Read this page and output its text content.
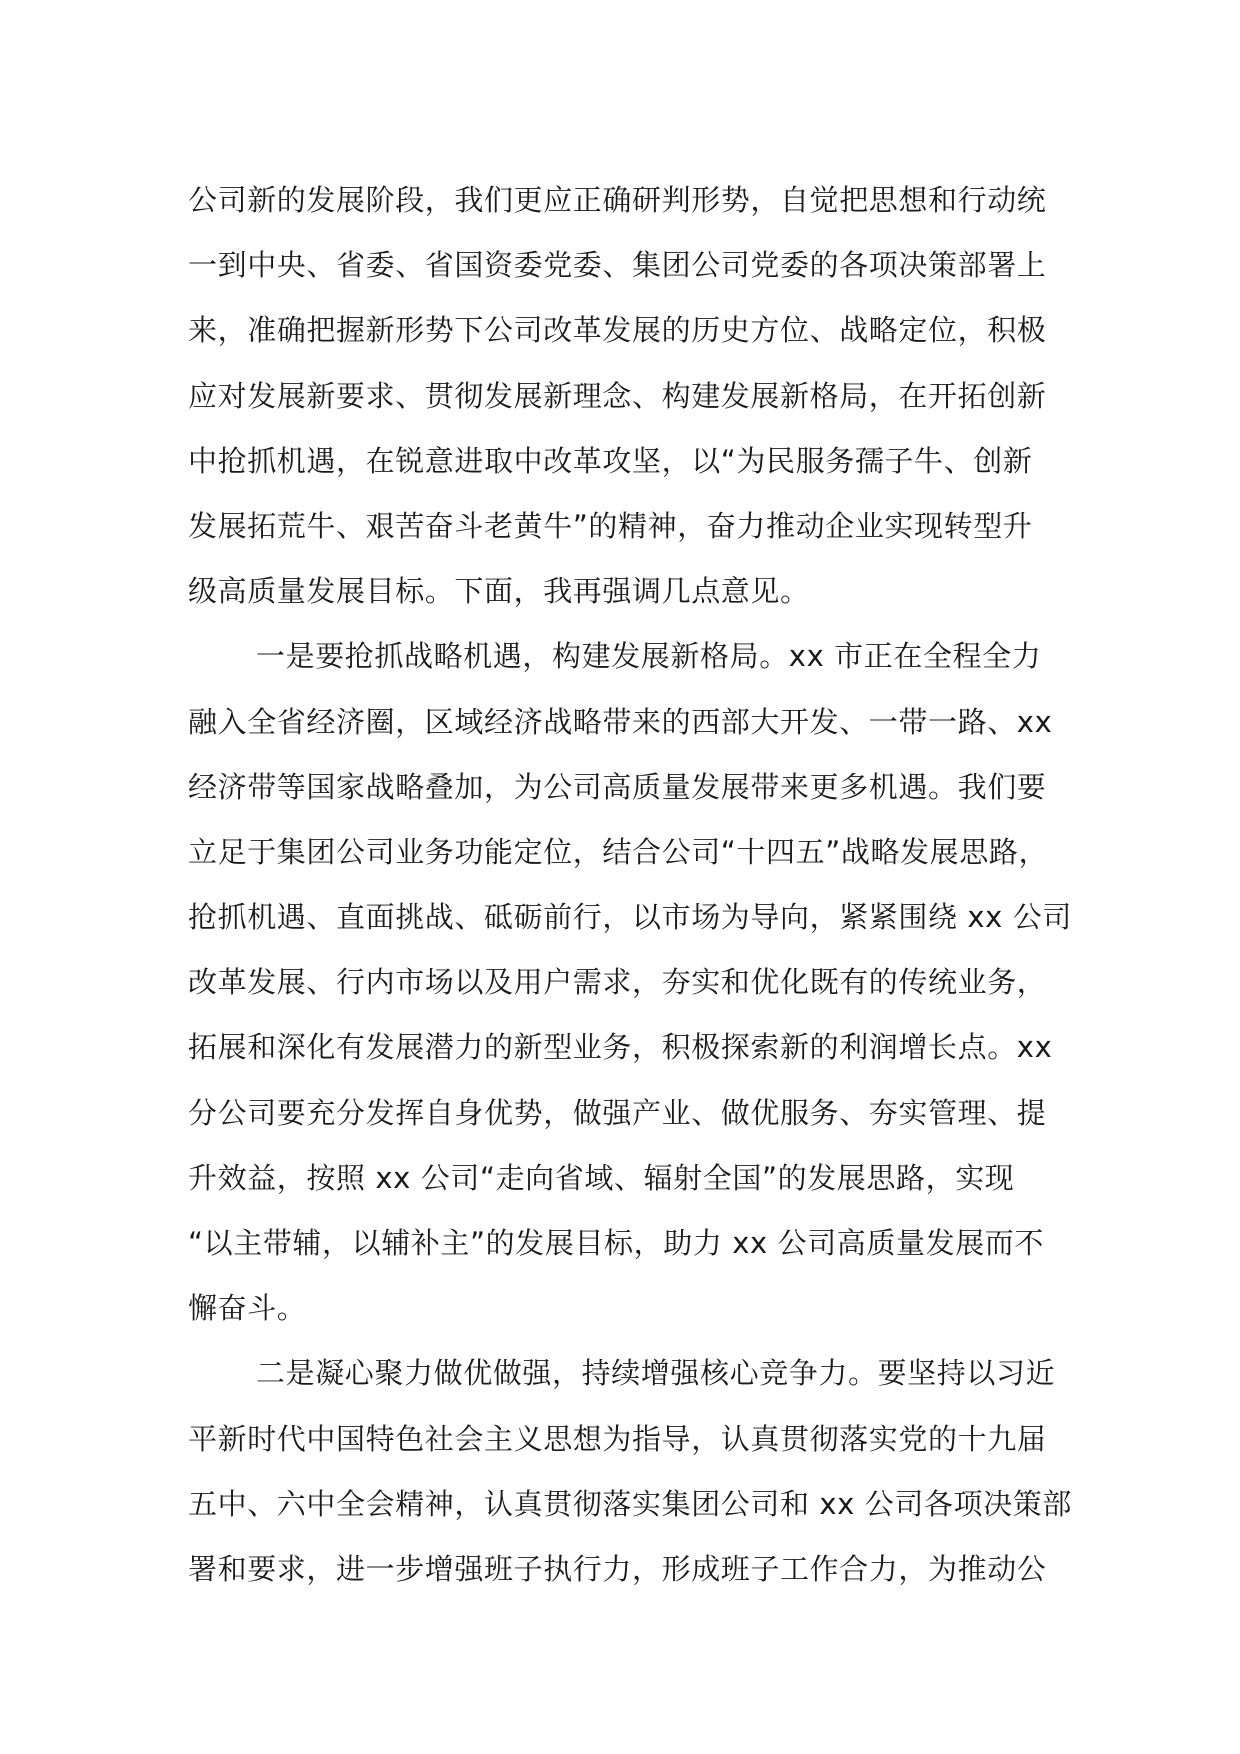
公司新的发展阶段，我们更应正确研判形势，自觉把思想和行动统
一到中央、省委、省国资委党委、集团公司党委的各项决策部署上
来，准确把握新形势下公司改革发展的历史方位、战略定位，积极
应对发展新要求、贯彻发展新理念、构建发展新格局，在开拓创新
中抢抓机遇，在锐意进取中改革攻坚，以“为民服务孺子牛、创新
发展拓荒牛、艰苦奋斗老黄牛”的精神，奋力推动企业实现转型升
级高质量发展目标。下面，我再强调几点意见。
一是要抢抓战略机遇，构建发展新格局。xx 市正在全程全力
融入全省经济圈，区域经济战略带来的西部大开发、一带一路、xx
经济带等国家战略叠加，为公司高质量发展带来更多机遇。我们要
立足于集团公司业务功能定位，结合公司“十四五”战略发展思路，
抢抓机遇、直面挑战、砥砺前行，以市场为导向，紧紧围绕 xx 公司
改革发展、行内市场以及用户需求，夯实和优化既有的传统业务，
拓展和深化有发展潜力的新型业务，积极探索新的利润增长点。xx
分公司要充分发挥自身优势，做强产业、做优服务、夯实管理、提
升效益，按照 xx 公司“走向省域、辐射全国”的发展思路，实现
“以主带辅，以辅补主”的发展目标，助力 xx 公司高质量发展而不
懈奋斗。
二是凝心聚力做优做强，持续增强核心竞争力。要坚持以习近
平新时代中国特色社会主义思想为指导，认真贯彻落实党的十九届
五中、六中全会精神，认真贯彻落实集团公司和 xx 公司各项决策部
署和要求，进一步增强班子执行力，形成班子工作合力，为推动公
